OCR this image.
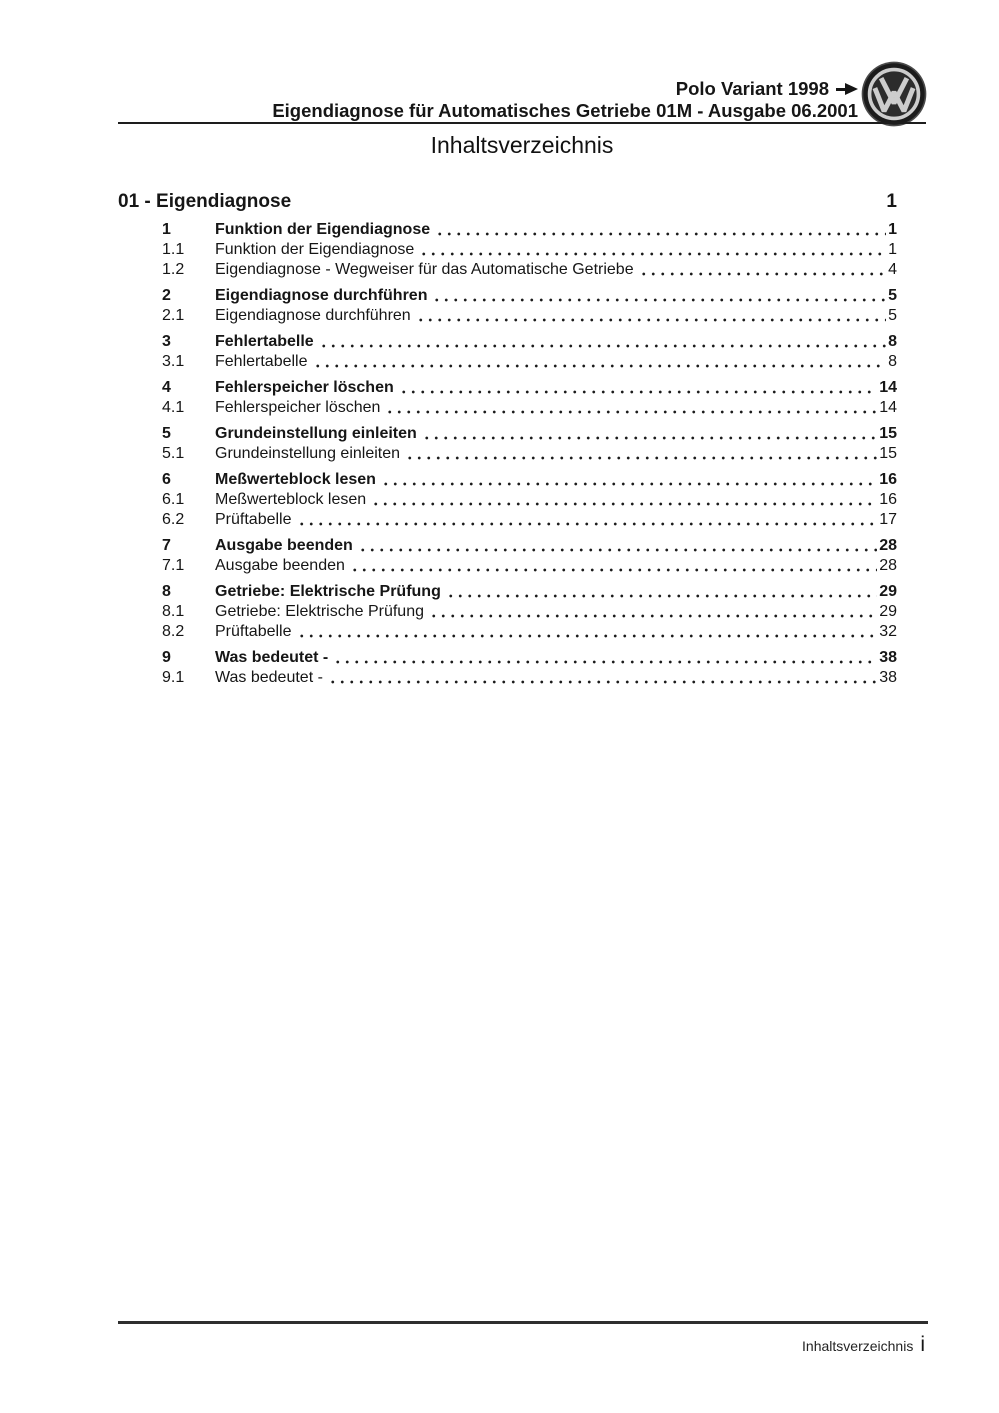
Polo Variant 1998
Eigendiagnose für Automatisches Getriebe 01M - Ausgabe 06.2001
Inhaltsverzeichnis
01 - Eigendiagnose	1
1	Funktion der Eigendiagnose	1
1.1	Funktion der Eigendiagnose	1
1.2	Eigendiagnose - Wegweiser für das Automatische Getriebe	4
2	Eigendiagnose durchführen	5
2.1	Eigendiagnose durchführen	5
3	Fehlertabelle	8
3.1	Fehlertabelle	8
4	Fehlerspeicher löschen	14
4.1	Fehlerspeicher löschen	14
5	Grundeinstellung einleiten	15
5.1	Grundeinstellung einleiten	15
6	Meßwerteblock lesen	16
6.1	Meßwerteblock lesen	16
6.2	Prüftabelle	17
7	Ausgabe beenden	28
7.1	Ausgabe beenden	28
8	Getriebe: Elektrische Prüfung	29
8.1	Getriebe: Elektrische Prüfung	29
8.2	Prüftabelle	32
9	Was bedeutet -	38
9.1	Was bedeutet -	38
Inhaltsverzeichnis i
